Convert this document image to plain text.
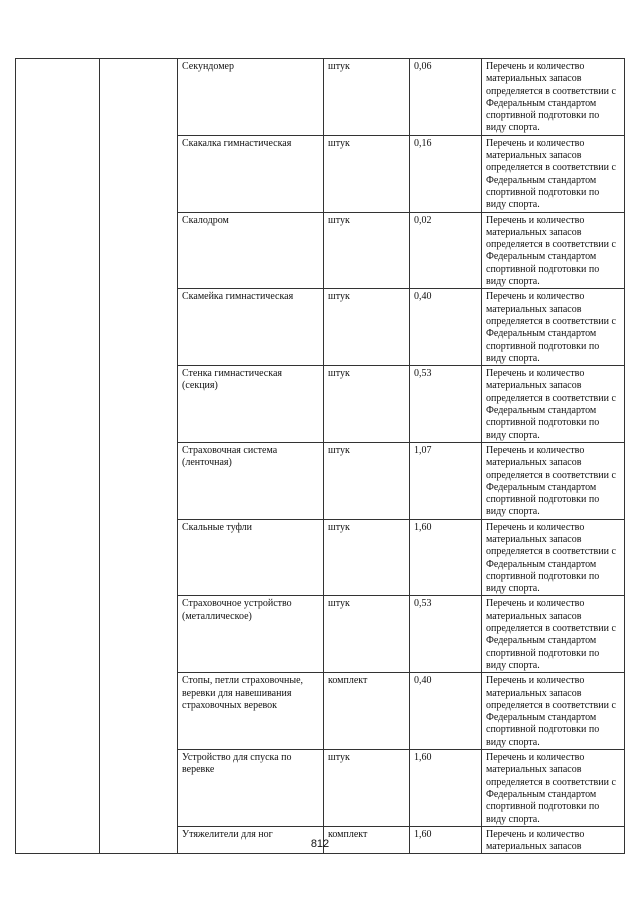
		Секундомер	штук	0,06	Перечень и количество материальных запасов определяется в соответствии с Федеральным стандартом спортивной подготовки по виду спорта.
		Скакалка гимнастическая	штук	0,16	Перечень и количество материальных запасов определяется в соответствии с Федеральным стандартом спортивной подготовки по виду спорта.
		Скалодром	штук	0,02	Перечень и количество материальных запасов определяется в соответствии с Федеральным стандартом спортивной подготовки по виду спорта.
		Скамейка гимнастическая	штук	0,40	Перечень и количество материальных запасов определяется в соответствии с Федеральным стандартом спортивной подготовки по виду спорта.
		Стенка гимнастическая (секция)	штук	0,53	Перечень и количество материальных запасов определяется в соответствии с Федеральным стандартом спортивной подготовки по виду спорта.
		Страховочная система (ленточная)	штук	1,07	Перечень и количество материальных запасов определяется в соответствии с Федеральным стандартом спортивной подготовки по виду спорта.
		Скальные туфли	штук	1,60	Перечень и количество материальных запасов определяется в соответствии с Федеральным стандартом спортивной подготовки по виду спорта.
		Страховочное устройство (металлическое)	штук	0,53	Перечень и количество материальных запасов определяется в соответствии с Федеральным стандартом спортивной подготовки по виду спорта.
		Стопы, петли страховочные, веревки для навешивания страховочных веревок	комплект	0,40	Перечень и количество материальных запасов определяется в соответствии с Федеральным стандартом спортивной подготовки по виду спорта.
		Устройство для спуска по веревке	штук	1,60	Перечень и количество материальных запасов определяется в соответствии с Федеральным стандартом спортивной подготовки по виду спорта.
		Утяжелители для ног	комплект	1,60	Перечень и количество материальных запасов
812
